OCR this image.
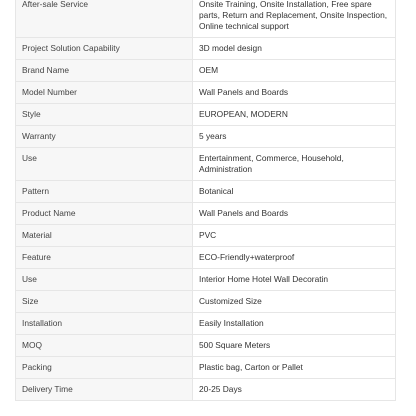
After-sale Service	Onsite Training, Onsite Installation, Free spare parts, Return and Replacement, Onsite Inspection, Online technical support
Project Solution Capability	3D model design
Brand Name	OEM
Model Number	Wall Panels and Boards
Style	EUROPEAN, MODERN
Warranty	5 years
Use	Entertainment, Commerce, Household, Administration
Pattern	Botanical
Product Name	Wall Panels and Boards
Material	PVC
Feature	ECO-Friendly+waterproof
Use	Interior Home Hotel Wall Decoratin
Size	Customized Size
Installation	Easily Installation
MOQ	500 Square Meters
Packing	Plastic bag, Carton or Pallet
Delivery Time	20-25 Days
